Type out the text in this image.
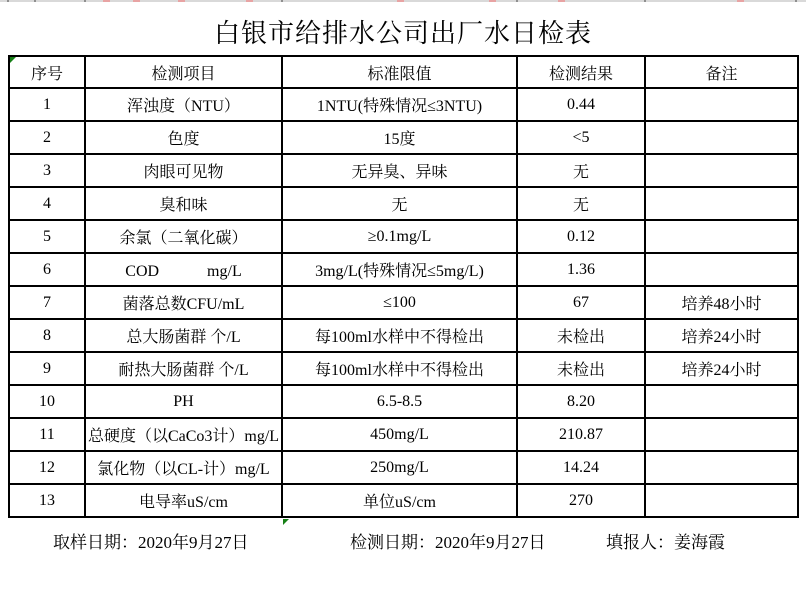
白银市给排水公司出厂水日检表
序号	检测项目	标准限值	检测结果	备注
1	浑浊度（NTU）	1NTU(特殊情况≤3NTU)	0.44	
2	色度	15度	<5	
3	肉眼可见物	无异臭、异味	无	
4	臭和味	无	无	
5	余氯（二氧化碳）	≥0.1mg/L	0.12	
6	COD　　　mg/L	3mg/L(特殊情况≤5mg/L)	1.36	
7	菌落总数CFU/mL	≤100	67	培养48小时
8	总大肠菌群 个/L	每100ml水样中不得检出	未检出	培养24小时
9	耐热大肠菌群 个/L	每100ml水样中不得检出	未检出	培养24小时
10	PH	6.5-8.5	8.20	
11	总硬度（以CaCo3计）mg/L	450mg/L	210.87	
12	氯化物（以CL-计）mg/L	250mg/L	14.24	
13	电导率uS/cm	单位uS/cm	270	
取样日期：2020年9月27日	检测日期：2020年9月27日	填报人：姜海霞
